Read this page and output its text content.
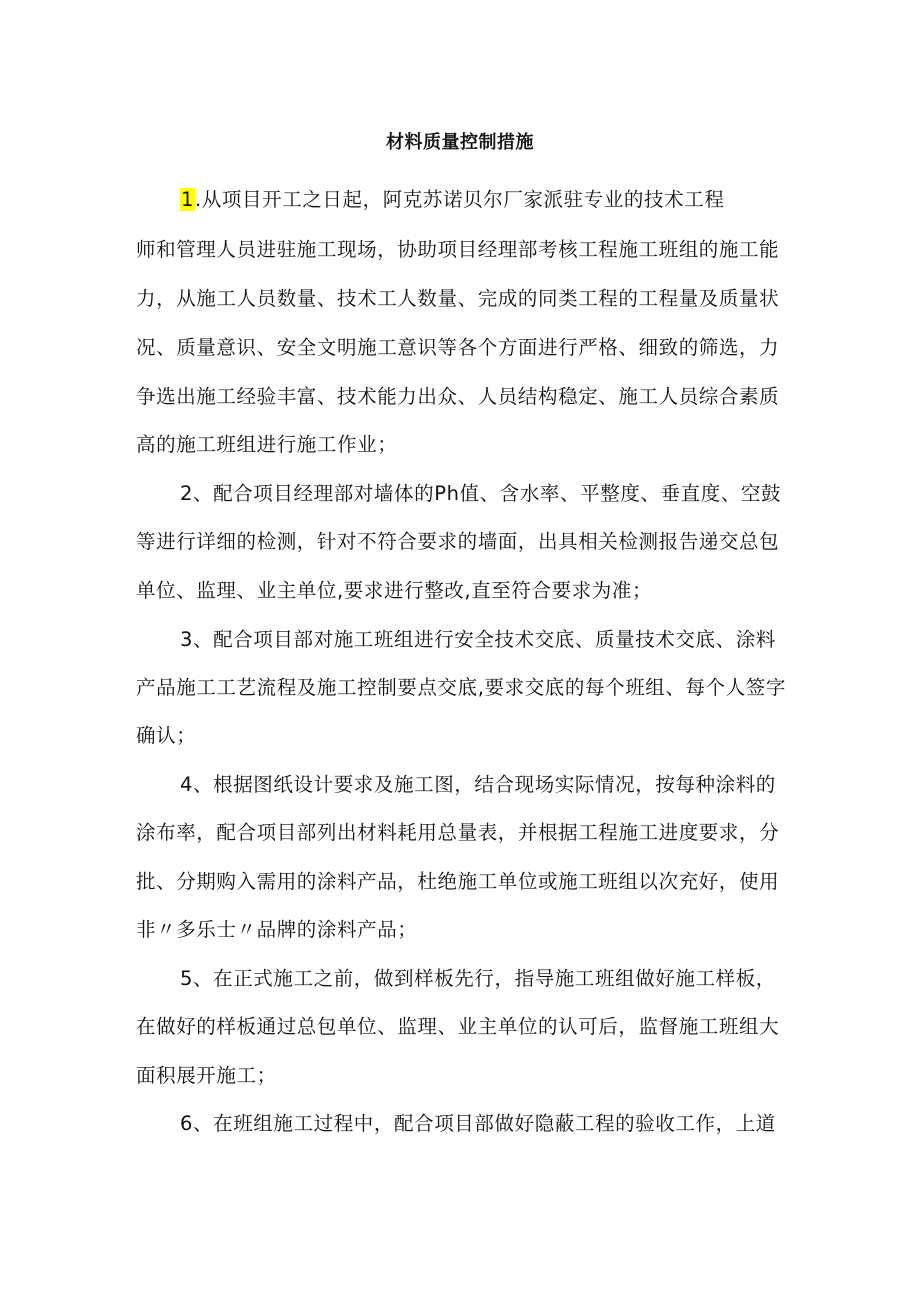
材料质量控制措施
1.从项目开工之日起，阿克苏诺贝尔厂家派驻专业的技术工程
师和管理人员进驻施工现场，协助项目经理部考核工程施工班组的施工能
力，从施工人员数量、技术工人数量、完成的同类工程的工程量及质量状
况、质量意识、安全文明施工意识等各个方面进行严格、细致的筛选，力
争选出施工经验丰富、技术能力出众、人员结构稳定、施工人员综合素质
高的施工班组进行施工作业；
2、配合项目经理部对墙体的Ph值、含水率、平整度、垂直度、空鼓
等进行详细的检测，针对不符合要求的墙面，出具相关检测报告递交总包
单位、监理、业主单位,要求进行整改,直至符合要求为准；
3、配合项目部对施工班组进行安全技术交底、质量技术交底、涂料
产品施工工艺流程及施工控制要点交底,要求交底的每个班组、每个人签字
确认；
4、根据图纸设计要求及施工图，结合现场实际情况，按每种涂料的
涂布率，配合项目部列出材料耗用总量表，并根据工程施工进度要求，分
批、分期购入需用的涂料产品，杜绝施工单位或施工班组以次充好，使用
非〃多乐士〃品牌的涂料产品；
5、在正式施工之前，做到样板先行，指导施工班组做好施工样板，
在做好的样板通过总包单位、监理、业主单位的认可后，监督施工班组大
面积展开施工；
6、在班组施工过程中，配合项目部做好隐蔽工程的验收工作，上道
